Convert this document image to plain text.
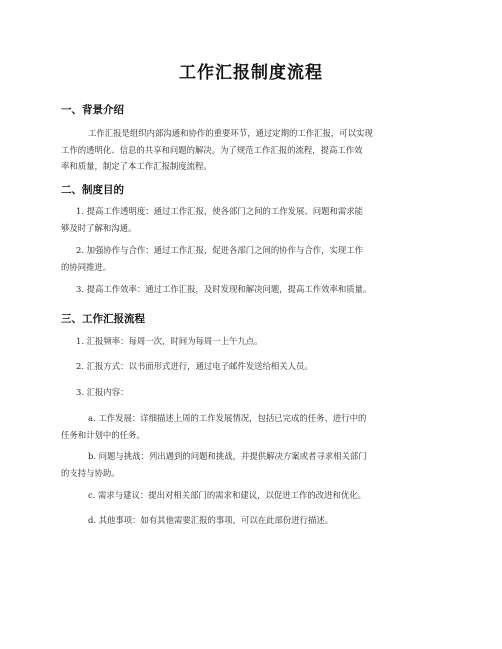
工作汇报制度流程
一、背景介绍
工作汇报是组织内部沟通和协作的重要环节，通过定期的工作汇报，可以实现
工作的透明化、信息的共享和问题的解决。为了规范工作汇报的流程，提高工作效
率和质量，制定了本工作汇报制度流程。
二、制度目的
1. 提高工作透明度：通过工作汇报，使各部门之间的工作发展、问题和需求能
够及时了解和沟通。
2. 加强协作与合作：通过工作汇报，促进各部门之间的协作与合作，实现工作
的协同推进。
3. 提高工作效率：通过工作汇报，及时发现和解决问题，提高工作效率和质量。
三、工作汇报流程
1. 汇报频率：每周一次，时间为每周一上午九点。
2. 汇报方式：以书面形式进行，通过电子邮件发送给相关人员。
3. 汇报内容：
a. 工作发展：详细描述上周的工作发展情况，包括已完成的任务、进行中的
任务和计划中的任务。
b. 问题与挑战：列出遇到的问题和挑战，并提供解决方案或者寻求相关部门
的支持与协助。
c. 需求与建议：提出对相关部门的需求和建议，以促进工作的改进和优化。
d. 其他事项：如有其他需要汇报的事项，可以在此部份进行描述。
